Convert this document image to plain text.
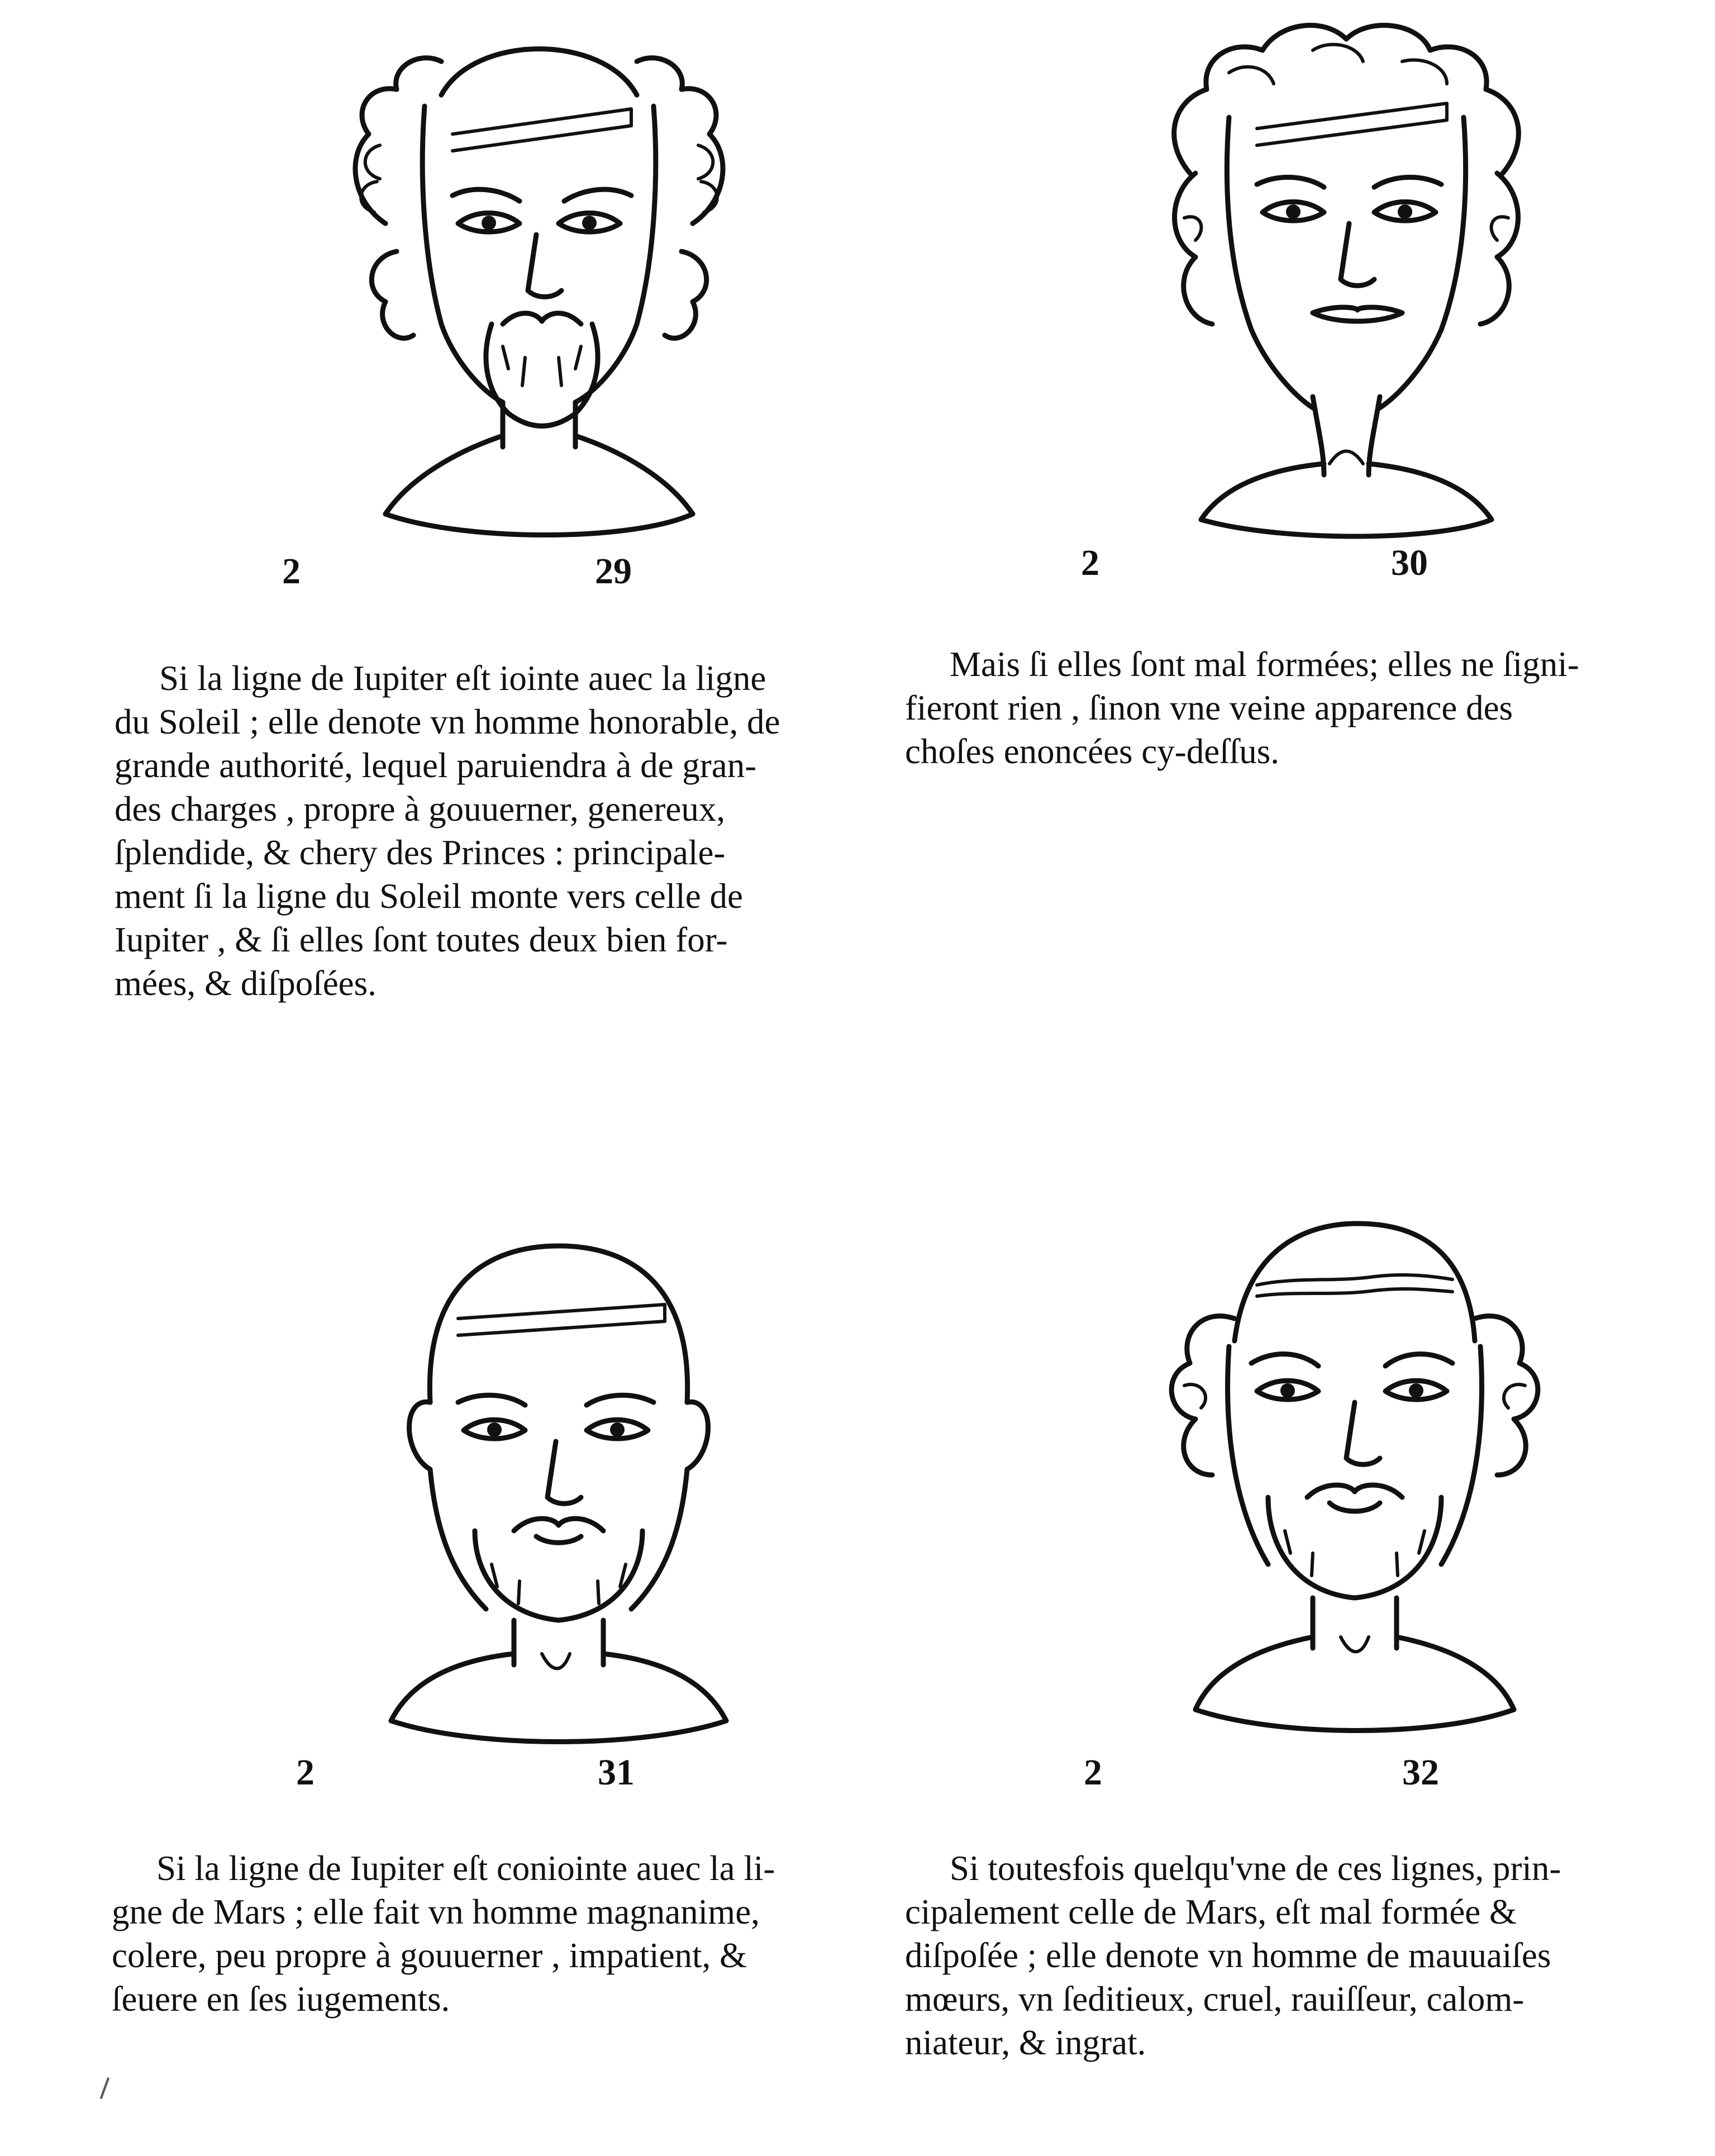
2	29
Si la ligne de Iupiter eſt iointe auec la ligne
du Soleil ; elle denote vn homme honorable, de
grande authorité, lequel paruiendra à de gran-
des charges , propre à gouuerner, genereux,
ſplendide, & chery des Princes : principale-
ment ſi la ligne du Soleil monte vers celle de
Iupiter , & ſi elles ſont toutes deux bien for-
mées, & diſpoſées.
2	30
Mais ſi elles ſont mal formées; elles ne ſigni-
fieront rien , ſinon vne veine apparence des
choſes enoncées cy-deſſus.
2	31
Si la ligne de Iupiter eſt coniointe auec la li-
gne de Mars ; elle fait vn homme magnanime,
colere, peu propre à gouuerner , impatient, &
ſeuere en ſes iugements.
2	32
Si toutesfois quelqu'vne de ces lignes, prin-
cipalement celle de Mars, eſt mal formée &
diſpoſée ; elle denote vn homme de mauuaiſes
mœurs, vn ſeditieux, cruel, rauiſſeur, calom-
niateur, & ingrat.
